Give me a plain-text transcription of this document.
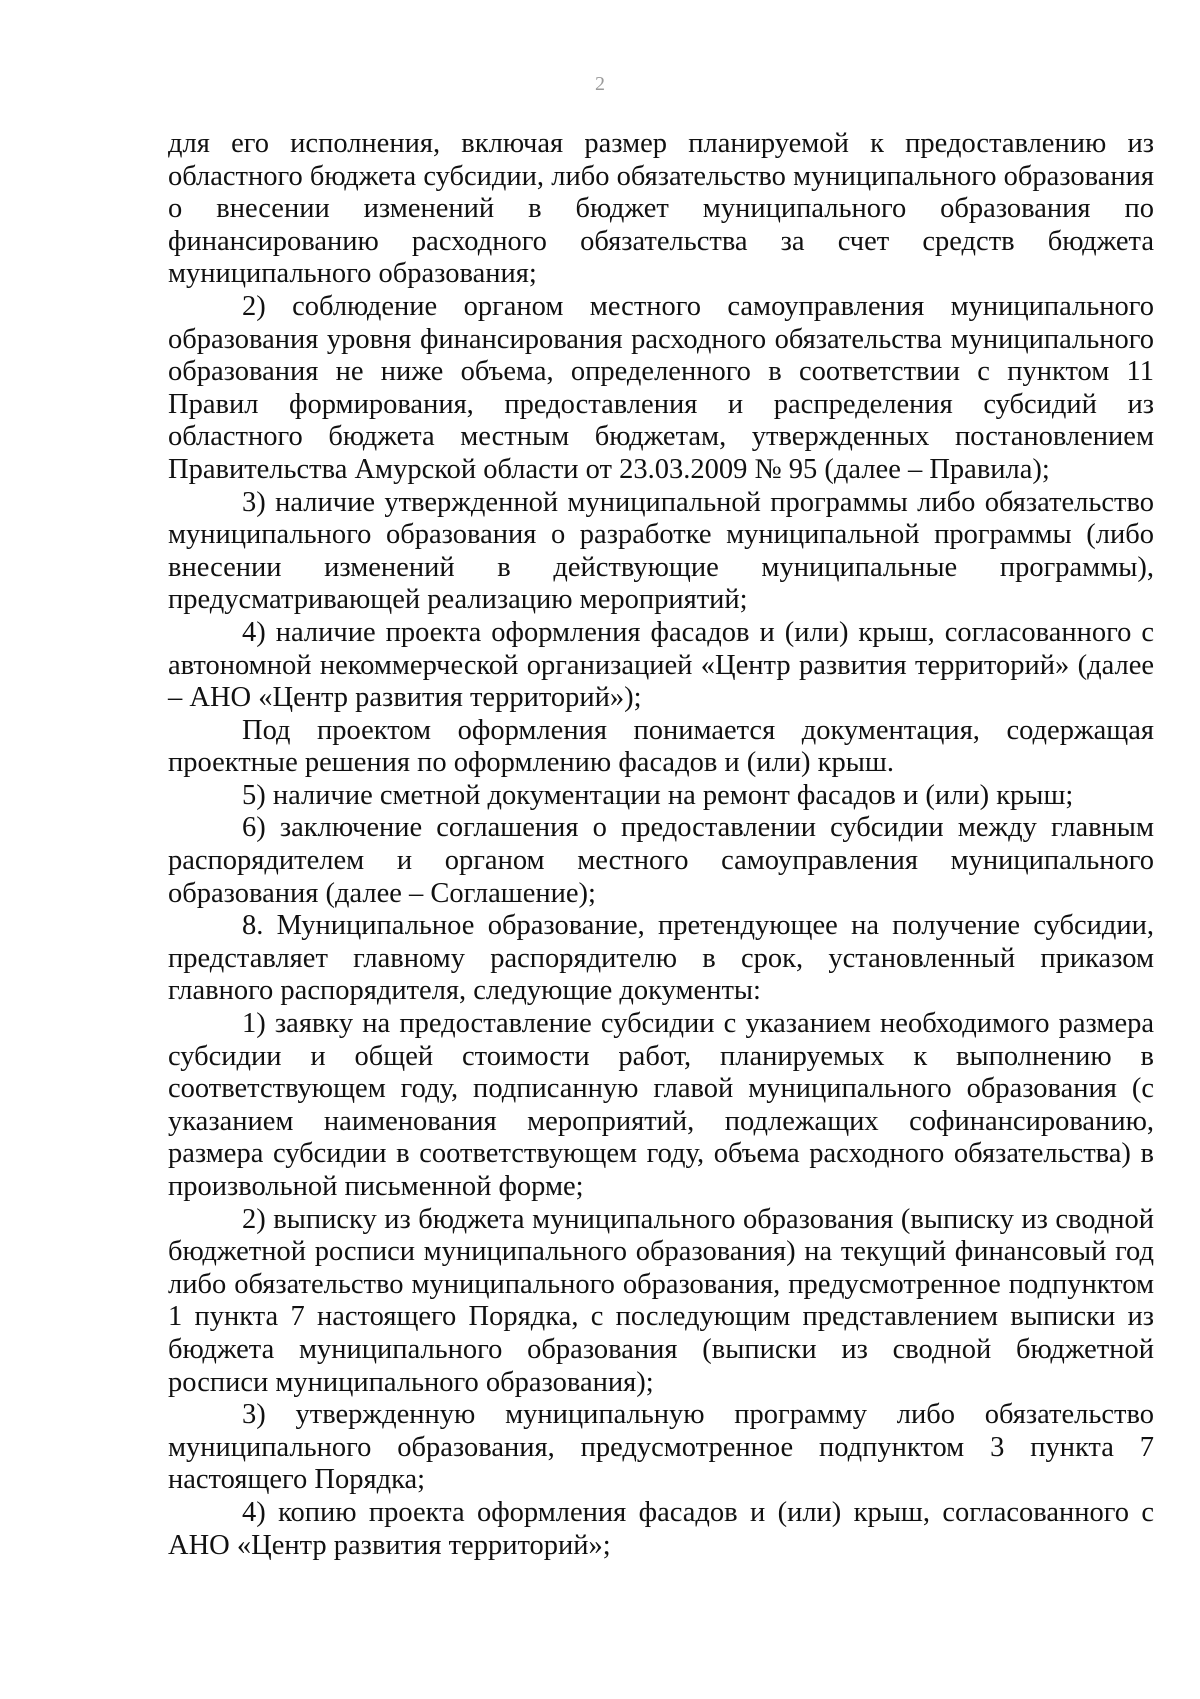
2

для его исполнения, включая размер планируемой к предоставлению из областного бюджета субсидии, либо обязательство муниципального образования о внесении изменений в бюджет муниципального образования по финансированию расходного обязательства за счет средств бюджета муниципального образования;

2) соблюдение органом местного самоуправления муниципального образования уровня финансирования расходного обязательства муниципального образования не ниже объема, определенного в соответствии с пунктом 11 Правил формирования, предоставления и распределения субсидий из областного бюджета местным бюджетам, утвержденных постановлением Правительства Амурской области от 23.03.2009 № 95 (далее – Правила);

3) наличие утвержденной муниципальной программы либо обязательство муниципального образования о разработке муниципальной программы (либо внесении изменений в действующие муниципальные программы), предусматривающей реализацию мероприятий;

4) наличие проекта оформления фасадов и (или) крыш, согласованного с автономной некоммерческой организацией «Центр развития территорий» (далее – АНО «Центр развития территорий»);

Под проектом оформления понимается документация, содержащая проектные решения по оформлению фасадов и (или) крыш.

5) наличие сметной документации на ремонт фасадов и (или) крыш;

6) заключение соглашения о предоставлении субсидии между главным распорядителем и органом местного самоуправления муниципального образования (далее – Соглашение);

8. Муниципальное образование, претендующее на получение субсидии, представляет главному распорядителю в срок, установленный приказом главного распорядителя, следующие документы:

1) заявку на предоставление субсидии с указанием необходимого размера субсидии и общей стоимости работ, планируемых к выполнению в соответствующем году, подписанную главой муниципального образования (с указанием наименования мероприятий, подлежащих софинансированию, размера субсидии в соответствующем году, объема расходного обязательства) в произвольной письменной форме;

2) выписку из бюджета муниципального образования (выписку из сводной бюджетной росписи муниципального образования) на текущий финансовый год либо обязательство муниципального образования, предусмотренное подпунктом 1 пункта 7 настоящего Порядка, с последующим представлением выписки из бюджета муниципального образования (выписки из сводной бюджетной росписи муниципального образования);

3) утвержденную муниципальную программу либо обязательство муниципального образования, предусмотренное подпунктом 3 пункта 7 настоящего Порядка;

4) копию проекта оформления фасадов и (или) крыш, согласованного с АНО «Центр развития территорий»;
